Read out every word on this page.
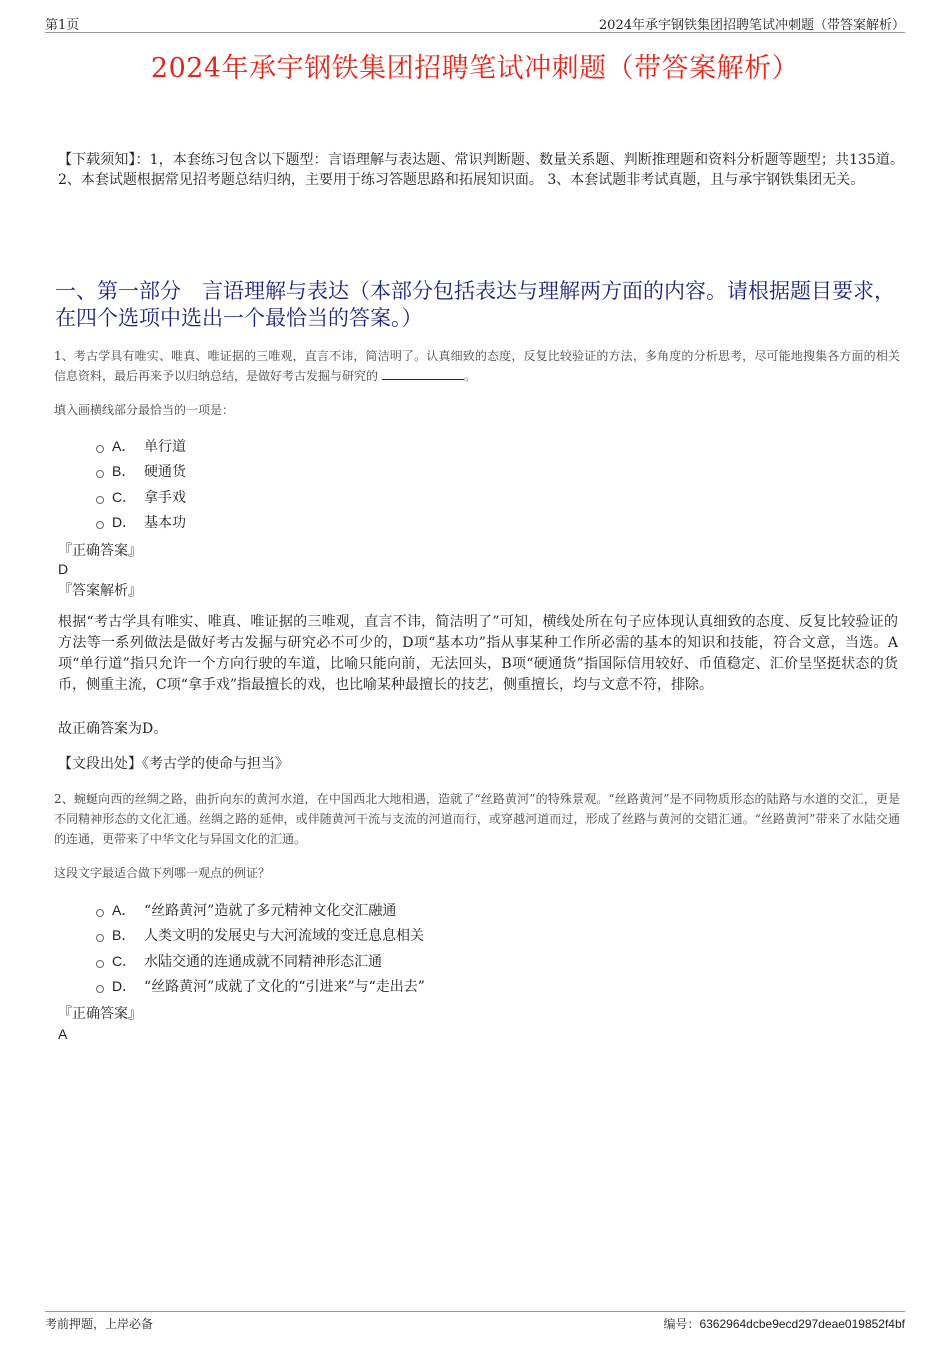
第1页	2024年承宇钢铁集团招聘笔试冲刺题（带答案解析）
2024年承宇钢铁集团招聘笔试冲刺题（带答案解析）
【下载须知】：1，本套练习包含以下题型：言语理解与表达题、常识判断题、数量关系题、判断推理题和资料分析题等题型；共135道。 2、本套试题根据常见招考题总结归纳，主要用于练习答题思路和拓展知识面。 3、本套试题非考试真题，且与承宇钢铁集团无关。
一、第一部分　言语理解与表达（本部分包括表达与理解两方面的内容。请根据题目要求，在四个选项中选出一个最恰当的答案。）
1、考古学具有唯实、唯真、唯证据的三唯观，直言不讳，简洁明了。认真细致的态度，反复比较验证的方法，多角度的分析思考，尽可能地搜集各方面的相关信息资料，最后再来予以归纳总结，是做好考古发掘与研究的	。
填入画横线部分最恰当的一项是：
A． 单行道
B． 硬通货
C． 拿手戏
D． 基本功
『正确答案』
D
『答案解析』
根据“考古学具有唯实、唯真、唯证据的三唯观，直言不讳，简洁明了”可知，横线处所在句子应体现认真细致的态度、反复比较验证的方法等一系列做法是做好考古发掘与研究必不可少的，D项“基本功”指从事某种工作所必需的基本的知识和技能，符合文意，当选。A项“单行道”指只允许一个方向行驶的车道，比喻只能向前，无法回头，B项“硬通货”指国际信用较好、币值稳定、汇价呈坚挺状态的货币，侧重主流，C项“拿手戏”指最擅长的戏，也比喻某种最擅长的技艺，侧重擅长，均与文意不符，排除。
故正确答案为D。
【文段出处】《考古学的使命与担当》
2、蜿蜒向西的丝绸之路，曲折向东的黄河水道，在中国西北大地相遇，造就了“丝路黄河”的特殊景观。“丝路黄河”是不同物质形态的陆路与水道的交汇，更是不同精神形态的文化汇通。丝绸之路的延伸，或伴随黄河干流与支流的河道而行，或穿越河道而过，形成了丝路与黄河的交错汇通。“丝路黄河”带来了水陆交通的连通，更带来了中华文化与异国文化的汇通。
这段文字最适合做下列哪一观点的例证？
A． “丝路黄河”造就了多元精神文化交汇融通
B． 人类文明的发展史与大河流域的变迁息息相关
C． 水陆交通的连通成就不同精神形态汇通
D． “丝路黄河”成就了文化的“引进来”与“走出去”
『正确答案』
A
考前押题，上岸必备	编号：6362964dcbe9ecd297deae019852f4bf
